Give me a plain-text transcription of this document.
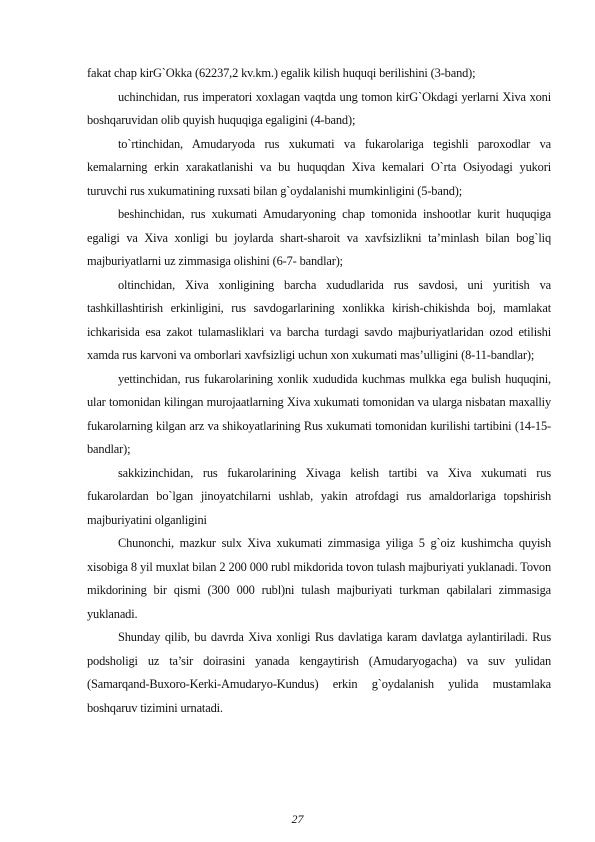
fakat chap kirG`Okka (62237,2 kv.km.) egalik kilish huquqi berilishini (3-band);

uchinchidan, rus imperatori xoxlagan vaqtda ung tomon kirG`Okdagi yerlarni Xiva xoni boshqaruvidan olib quyish huquqiga egaligini (4-band);

to`rtinchidan, Amudaryoda rus xukumati va fukarolariga tegishli paroxodlar va kemalarning erkin xarakatlanishi va bu huquqdan Xiva kemalari O`rta Osiyodagi yukori turuvchi rus xukumatining ruxsati bilan g`oydalanishi mumkinligini (5-band);

beshinchidan, rus xukumati Amudaryoning chap tomonida inshootlar kurit huquqiga egaligi va Xiva xonligi bu joylarda shart-sharoit va xavfsizlikni ta’minlash bilan bog`liq majburiyatlarni uz zimmasiga olishini (6-7- bandlar);

oltinchidan, Xiva xonligining barcha xududlarida rus savdosi, uni yuritish va tashkillashtirish erkinligini, rus savdogarlarining xonlikka kirish-chikishda boj, mamlakat ichkarisida esa zakot tulamasliklari va barcha turdagi savdo majburiyatlaridan ozod etilishi xamda rus karvoni va omborlari xavfsizligi uchun xon xukumati mas’ulligini (8-11-bandlar);

yettinchidan, rus fukarolarining xonlik xududida kuchmas mulkka ega bulish huquqini, ular tomonidan kilingan murojaatlarning Xiva xukumati tomonidan va ularga nisbatan maxalliy fukarolarning kilgan arz va shikoyatlarining Rus xukumati tomonidan kurilishi tartibini (14-15- bandlar);

sakkizinchidan, rus fukarolarining Xivaga kelish tartibi va Xiva xukumati rus fukarolardan bo`lgan jinoyatchilarni ushlab, yakin atrofdagi rus amaldorlariga topshirish majburiyatini olganligini

Chunonchi, mazkur sulx Xiva xukumati zimmasiga yiliga 5 g`oiz kushimcha quyish xisobiga 8 yil muxlat bilan 2 200 000 rubl mikdorida tovon tulash majburiyati yuklanadi. Tovon mikdorining bir qismi (300 000 rubl)ni tulash majburiyati turkman qabilalari zimmasiga yuklanadi.

Shunday qilib, bu davrda Xiva xonligi Rus davlatiga karam davlatga aylantiriladi. Rus podsholigi uz ta’sir doirasini yanada kengaytirish (Amudaryogacha) va suv yulidan (Samarqand-Buxoro-Kerki-Amudaryo-Kundus) erkin g`oydalanish yulida mustamlaka boshqaruv tizimini urnatadi.

27
